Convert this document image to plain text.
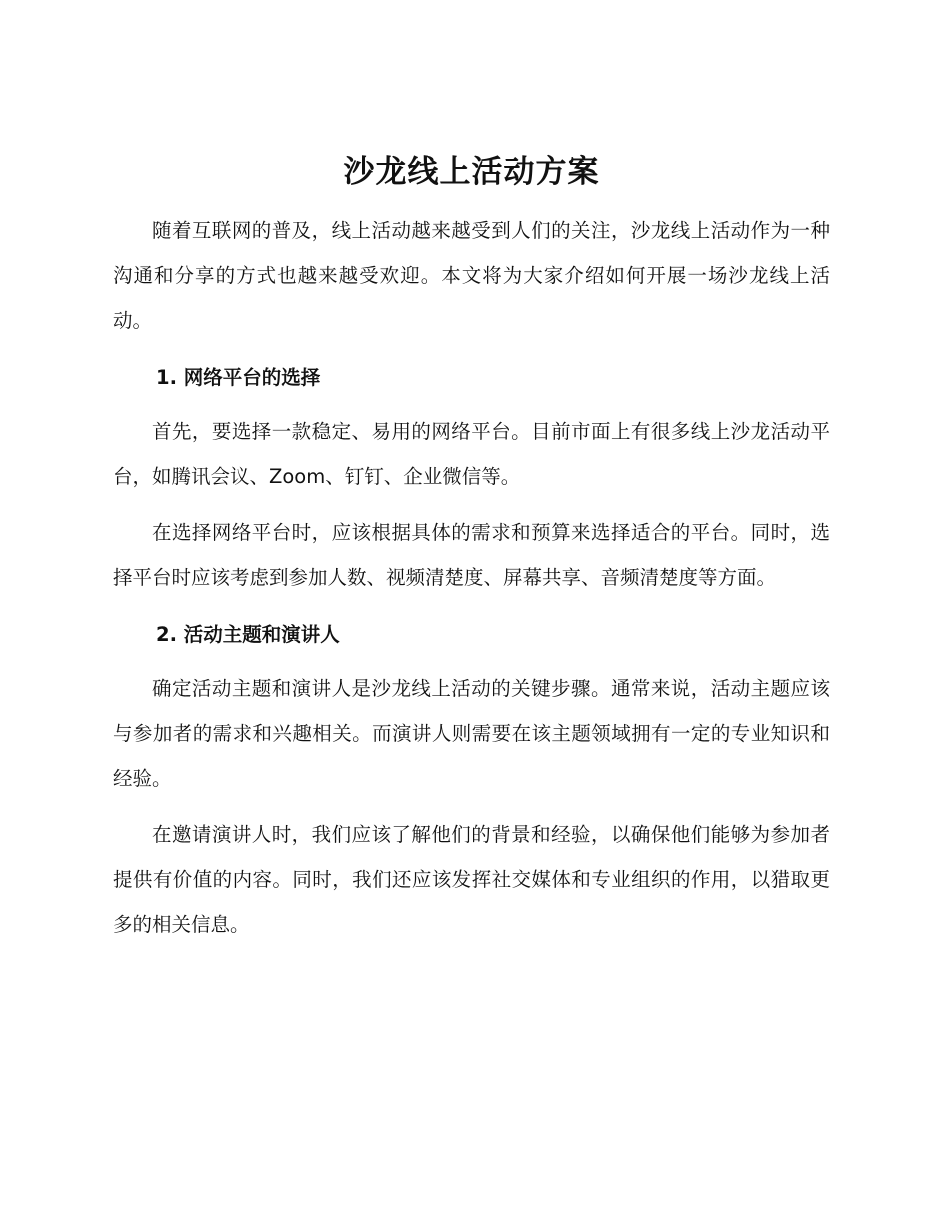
沙龙线上活动方案

随着互联网的普及，线上活动越来越受到人们的关注，沙龙线上活动作为一种沟通和分享的方式也越来越受欢迎。本文将为大家介绍如何开展一场沙龙线上活动。

1. 网络平台的选择

首先，要选择一款稳定、易用的网络平台。目前市面上有很多线上沙龙活动平台，如腾讯会议、Zoom、钉钉、企业微信等。

在选择网络平台时，应该根据具体的需求和预算来选择适合的平台。同时，选择平台时应该考虑到参加人数、视频清楚度、屏幕共享、音频清楚度等方面。

2. 活动主题和演讲人

确定活动主题和演讲人是沙龙线上活动的关键步骤。通常来说，活动主题应该与参加者的需求和兴趣相关。而演讲人则需要在该主题领域拥有一定的专业知识和经验。

在邀请演讲人时，我们应该了解他们的背景和经验，以确保他们能够为参加者提供有价值的内容。同时，我们还应该发挥社交媒体和专业组织的作用，以猎取更多的相关信息。
